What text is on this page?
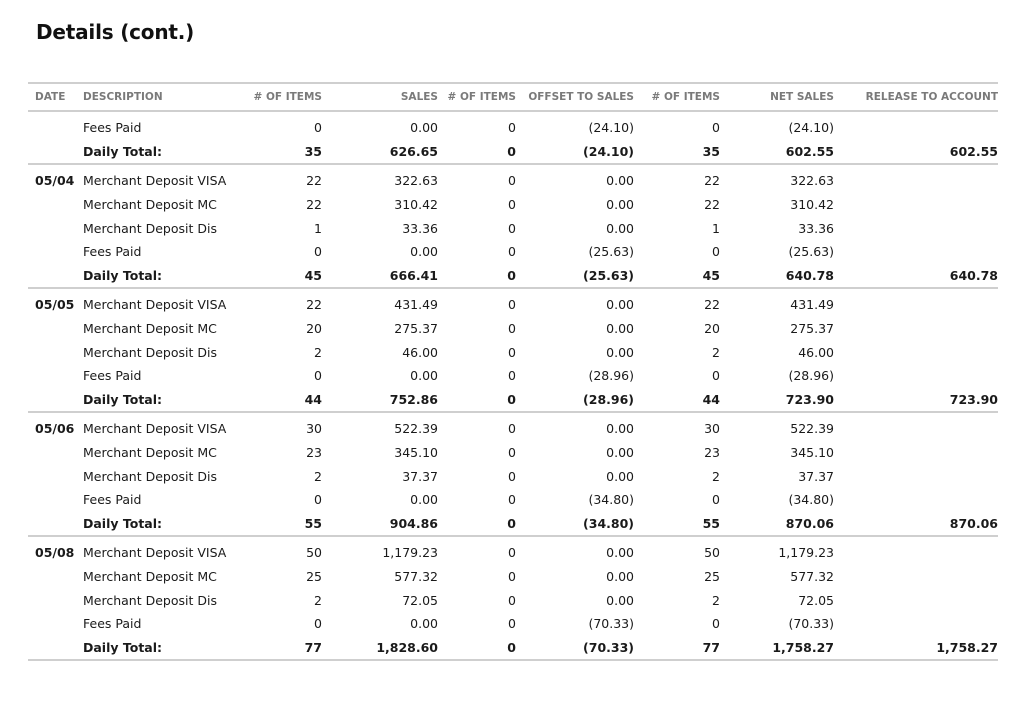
Details (cont.)
DATE	DESCRIPTION	# OF ITEMS	SALES	# OF ITEMS	OFFSET TO SALES	# OF ITEMS	NET SALES	RELEASE TO ACCOUNT
	Fees Paid	0	0.00	0	(24.10)	0	(24.10)	
	Daily Total:	35	626.65	0	(24.10)	35	602.55	602.55
05/04	Merchant Deposit VISA	22	322.63	0	0.00	22	322.63	
	Merchant Deposit MC	22	310.42	0	0.00	22	310.42	
	Merchant Deposit Dis	1	33.36	0	0.00	1	33.36	
	Fees Paid	0	0.00	0	(25.63)	0	(25.63)	
	Daily Total:	45	666.41	0	(25.63)	45	640.78	640.78
05/05	Merchant Deposit VISA	22	431.49	0	0.00	22	431.49	
	Merchant Deposit MC	20	275.37	0	0.00	20	275.37	
	Merchant Deposit Dis	2	46.00	0	0.00	2	46.00	
	Fees Paid	0	0.00	0	(28.96)	0	(28.96)	
	Daily Total:	44	752.86	0	(28.96)	44	723.90	723.90
05/06	Merchant Deposit VISA	30	522.39	0	0.00	30	522.39	
	Merchant Deposit MC	23	345.10	0	0.00	23	345.10	
	Merchant Deposit Dis	2	37.37	0	0.00	2	37.37	
	Fees Paid	0	0.00	0	(34.80)	0	(34.80)	
	Daily Total:	55	904.86	0	(34.80)	55	870.06	870.06
05/08	Merchant Deposit VISA	50	1,179.23	0	0.00	50	1,179.23	
	Merchant Deposit MC	25	577.32	0	0.00	25	577.32	
	Merchant Deposit Dis	2	72.05	0	0.00	2	72.05	
	Fees Paid	0	0.00	0	(70.33)	0	(70.33)	
	Daily Total:	77	1,828.60	0	(70.33)	77	1,758.27	1,758.27
